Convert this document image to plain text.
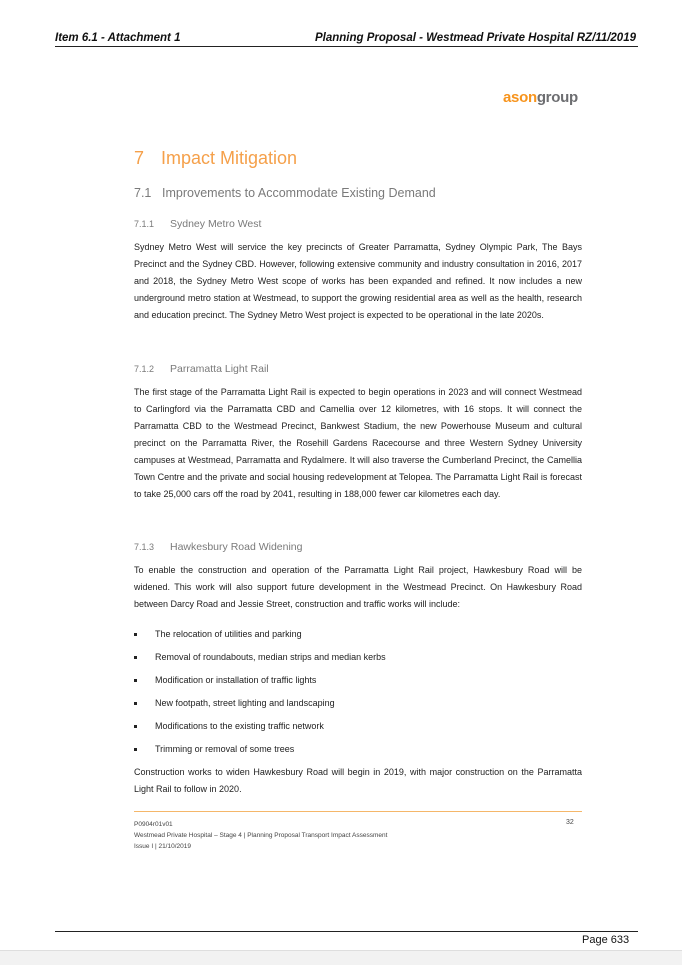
Item 6.1 - Attachment 1	Planning Proposal - Westmead Private Hospital RZ/11/2019
asongroup
7 Impact Mitigation
7.1 Improvements to Accommodate Existing Demand
7.1.1 Sydney Metro West

Sydney Metro West will service the key precincts of Greater Parramatta, Sydney Olympic Park, The Bays Precinct and the Sydney CBD. However, following extensive community and industry consultation in 2016, 2017 and 2018, the Sydney Metro West scope of works has been expanded and refined. It now includes a new underground metro station at Westmead, to support the growing residential area as well as the health, research and education precinct. The Sydney Metro West project is expected to be operational in the late 2020s.

7.1.2 Parramatta Light Rail

The first stage of the Parramatta Light Rail is expected to begin operations in 2023 and will connect Westmead to Carlingford via the Parramatta CBD and Camellia over 12 kilometres, with 16 stops. It will connect the Parramatta CBD to the Westmead Precinct, Bankwest Stadium, the new Powerhouse Museum and cultural precinct on the Parramatta River, the Rosehill Gardens Racecourse and three Western Sydney University campuses at Westmead, Parramatta and Rydalmere. It will also traverse the Cumberland Precinct, the Camellia Town Centre and the private and social housing redevelopment at Telopea. The Parramatta Light Rail is forecast to take 25,000 cars off the road by 2041, resulting in 188,000 fewer car kilometres each day.

7.1.3 Hawkesbury Road Widening

To enable the construction and operation of the Parramatta Light Rail project, Hawkesbury Road will be widened. This work will also support future development in the Westmead Precinct. On Hawkesbury Road between Darcy Road and Jessie Street, construction and traffic works will include:

The relocation of utilities and parking
Removal of roundabouts, median strips and median kerbs
Modification or installation of traffic lights
New footpath, street lighting and landscaping
Modifications to the existing traffic network
Trimming or removal of some trees

Construction works to widen Hawkesbury Road will begin in 2019, with major construction on the Parramatta Light Rail to follow in 2020.

P0904r01v01
Westmead Private Hospital – Stage 4 | Planning Proposal Transport Impact Assessment
Issue I | 21/10/2019
32
Page 633
